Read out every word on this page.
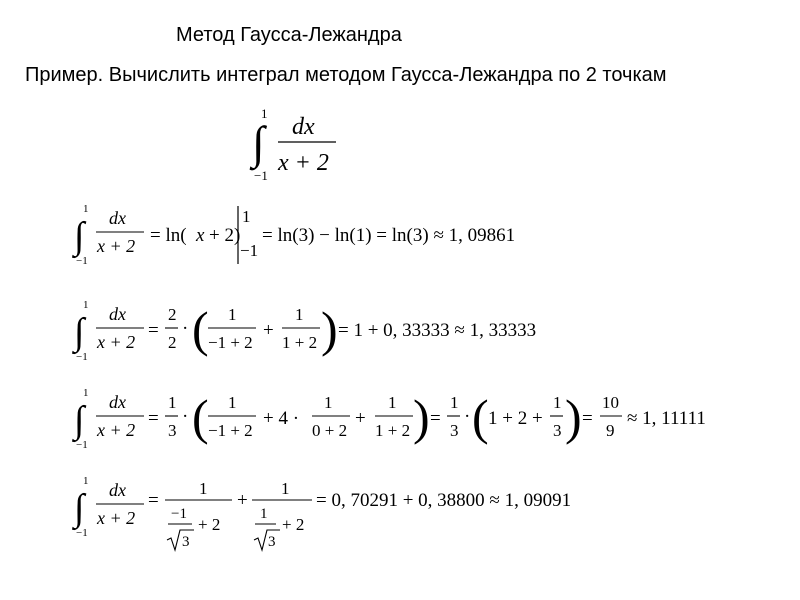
Метод Гаусса-Лежандра
Пример. Вычислить интеграл методом Гаусса-Лежандра по 2 точкам
∫
1
−1
dx
x + 2
∫
1
−1
dx
x + 2 = ln( x + 2)
1
−1
= ln(3) − ln(1) = ln(3) ≈ 1, 09861
∫
1
−1
dx
x + 2
=
2
2
· ( 1
−1 + 2
+
1
1 + 2 ) = 1 + 0, 33333 ≈ 1, 33333
∫
1
−1
dx
x + 2
=
1
3
· ( 1
−1 + 2
+ 4 ·
1
0 + 2
+
1
1 + 2 ) =
1
3
· ( 1 + 2 +
1
3 ) =
10
9
≈ 1, 11111
∫
1
−1
dx
x + 2
=
1
−1
3
+ 2
+
1
1
3
+ 2
= 0, 70291 + 0, 38800 ≈ 1, 09091
